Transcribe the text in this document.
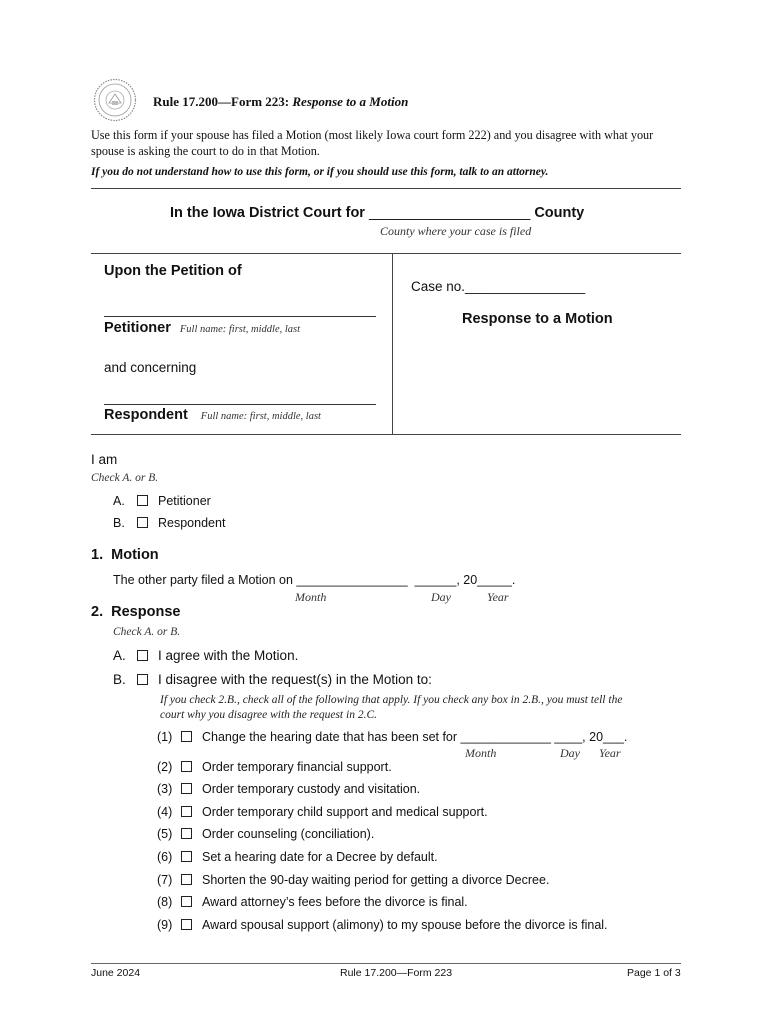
Rule 17.200—Form 223: Response to a Motion
Use this form if your spouse has filed a Motion (most likely Iowa court form 222) and you disagree with what your spouse is asking the court to do in that Motion.
If you do not understand how to use this form, or if you should use this form, talk to an attorney.
In the Iowa District Court for ____________________ County
County where your case is filed
Upon the Petition of
Petitioner Full name: first, middle, last
and concerning
Respondent Full name: first, middle, last
Case no.________________
Response to a Motion
I am
Check A. or B.
A.	Petitioner
B.	Respondent
1.  Motion
The other party filed a Motion on ________________  ______, 20_____.
Month	Day	Year
2.  Response
Check A. or B.
A. I agree with the Motion.
B. I disagree with the request(s) in the Motion to:
If you check 2.B., check all of the following that apply. If you check any box in 2.B., you must tell the
court why you disagree with the request in 2.C.
(1) Change the hearing date that has been set for _____________ ____, 20___.
Month	Day Year
(2) Order temporary financial support.
(3) Order temporary custody and visitation.
(4) Order temporary child support and medical support.
(5) Order counseling (conciliation).
(6) Set a hearing date for a Decree by default.
(7) Shorten the 90-day waiting period for getting a divorce Decree.
(8) Award attorney’s fees before the divorce is final.
(9) Award spousal support (alimony) to my spouse before the divorce is final.
June 2024	Rule 17.200—Form 223	Page 1 of 3
